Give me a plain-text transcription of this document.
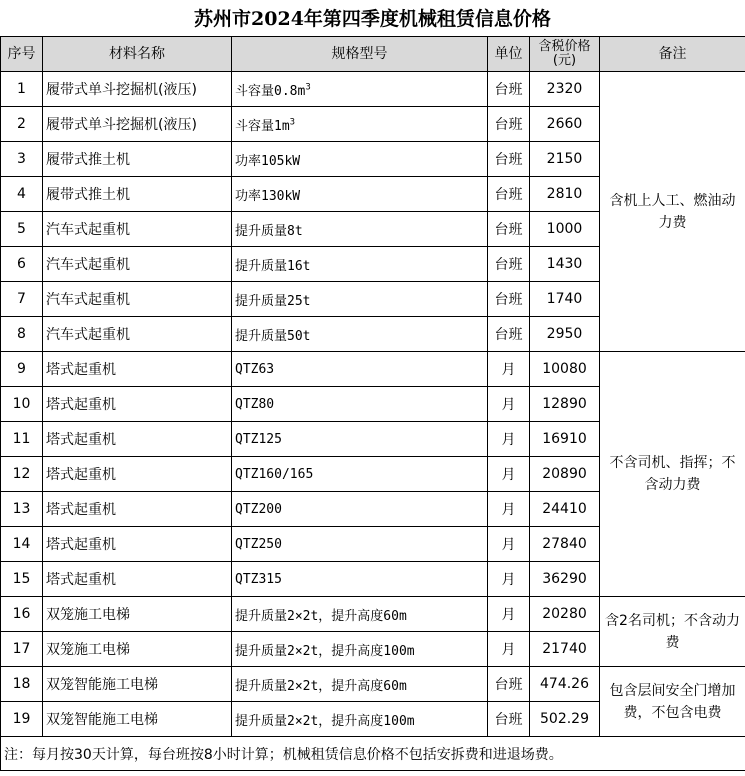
苏州市2024年第四季度机械租赁信息价格
序号	材料名称	规格型号	单位	含税价格(元)	备注
1	履带式单斗挖掘机(液压)	斗容量$0.8m^3$	台班	2320	含机上人工、燃油动力费
2	履带式单斗挖掘机(液压)	斗容量$1m^3$	台班	2660	
3	履带式推土机	功率105kW	台班	2150	
4	履带式推土机	功率130kW	台班	2810	
5	汽车式起重机	提升质量8t	台班	1000	
6	汽车式起重机	提升质量16t	台班	1430	
7	汽车式起重机	提升质量25t	台班	1740	
8	汽车式起重机	提升质量50t	台班	2950	
9	塔式起重机	QTZ63	月	10080	不含司机、指挥；不含动力费
10	塔式起重机	QTZ80	月	12890	
11	塔式起重机	QTZ125	月	16910	
12	塔式起重机	QTZ160/165	月	20890	
13	塔式起重机	QTZ200	月	24410	
14	塔式起重机	QTZ250	月	27840	
15	塔式起重机	QTZ315	月	36290	
16	双笼施工电梯	提升质量2×2t，提升高度60m	月	20280	含2名司机；不含动力费
17	双笼施工电梯	提升质量2×2t，提升高度100m	月	21740	
18	双笼智能施工电梯	提升质量2×2t，提升高度60m	台班	474.26	包含层间安全门增加费，不包含电费
19	双笼智能施工电梯	提升质量2×2t，提升高度100m	台班	502.29	
注：每月按30天计算，每台班按8小时计算；机械租赁信息价格不包括安拆费和进退场费。					
